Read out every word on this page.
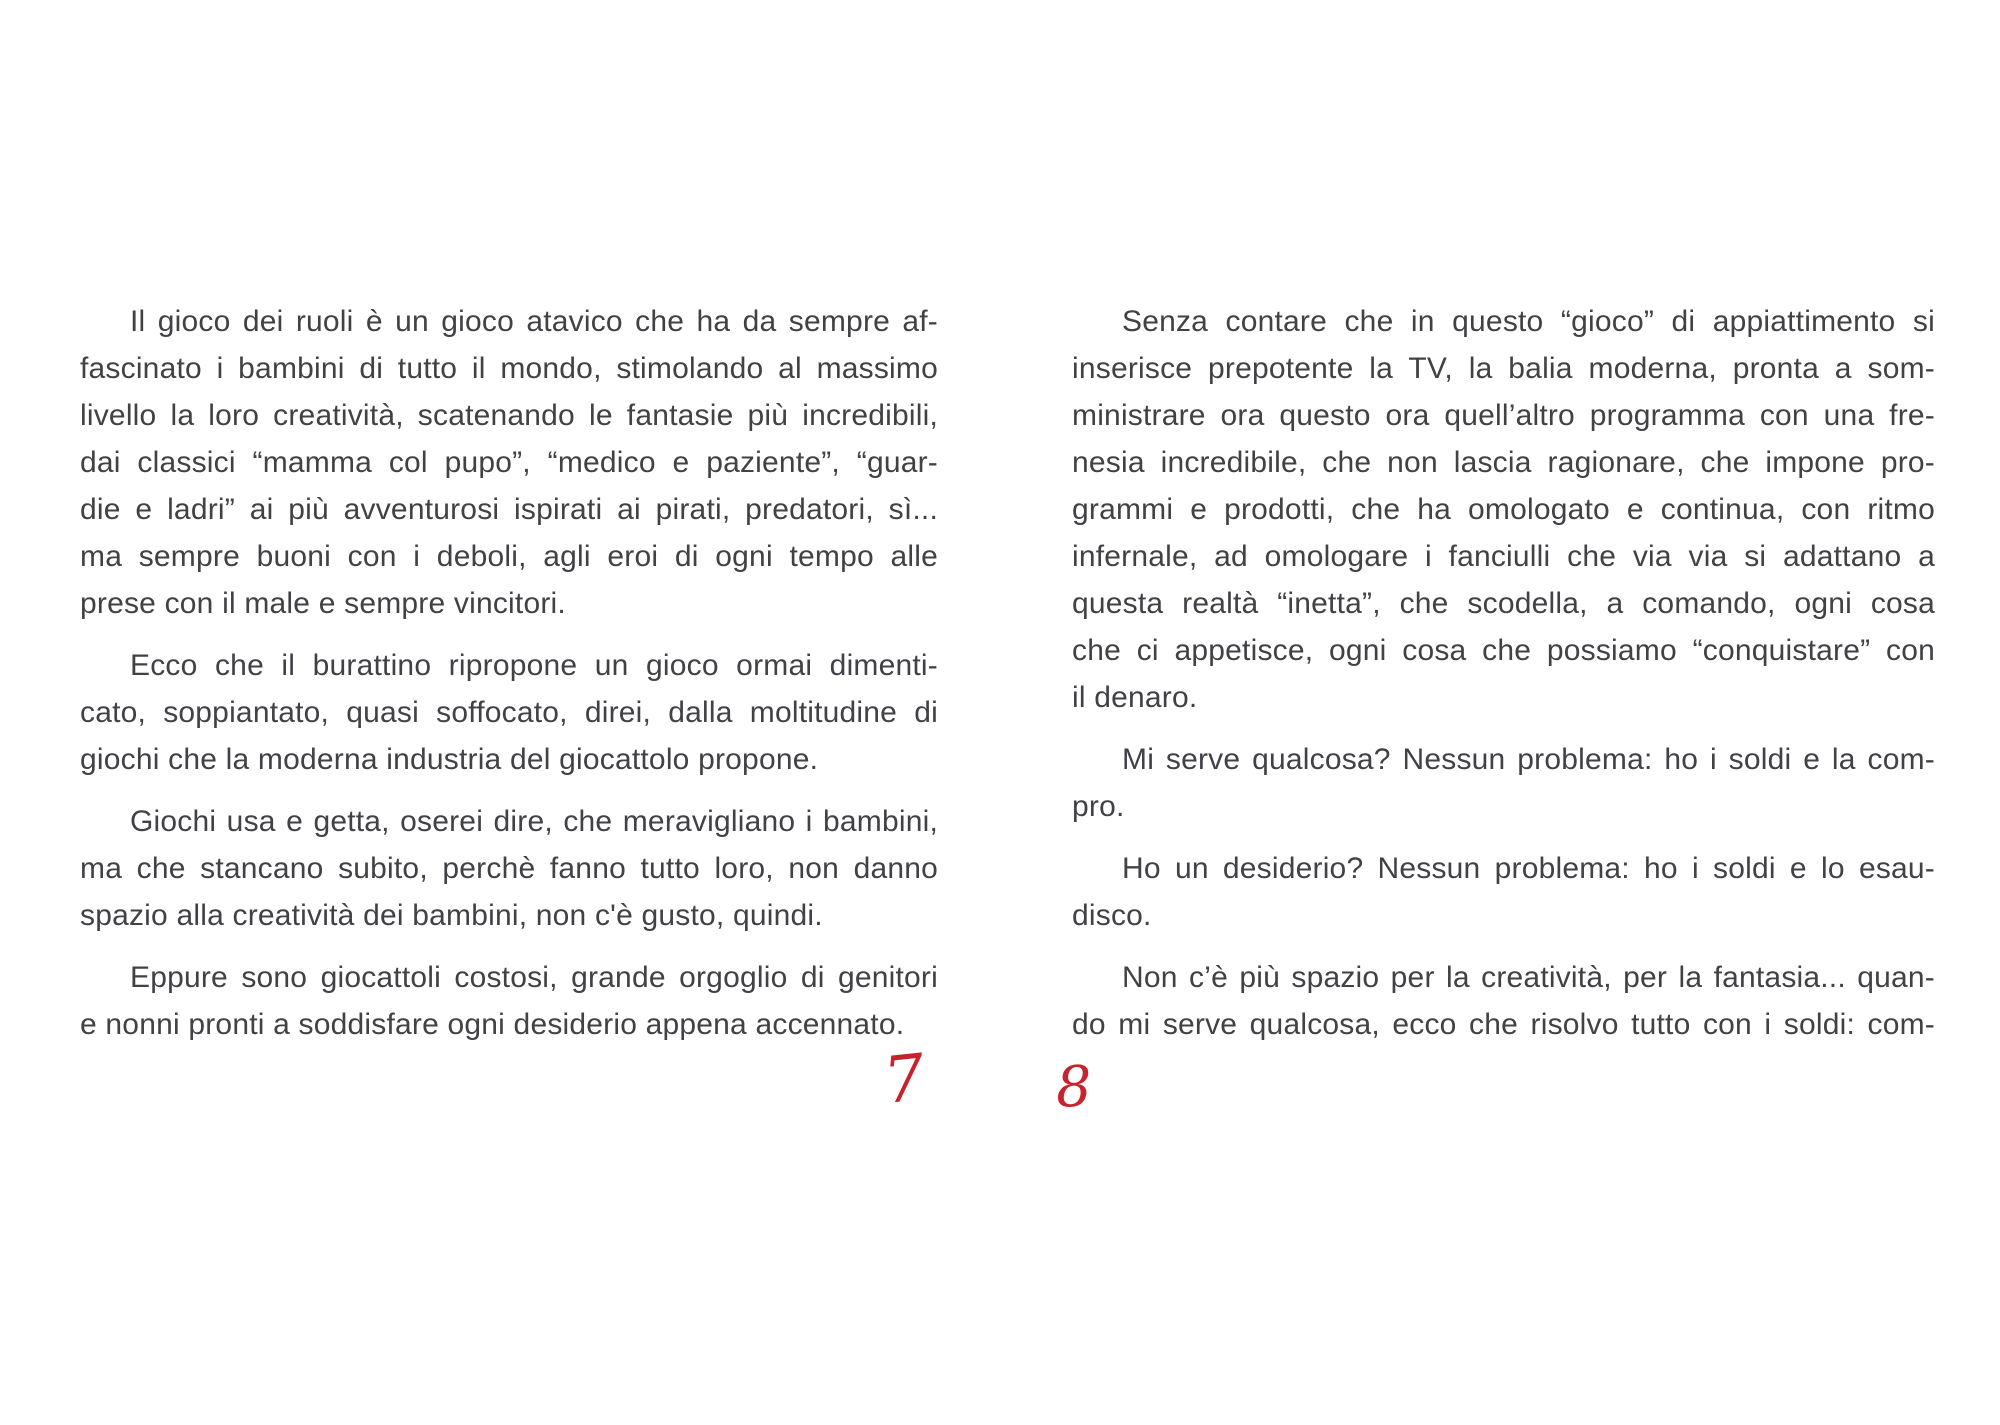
Il gioco dei ruoli è un gioco atavico che ha da sempre af-
fascinato i bambini di tutto il mondo, stimolando al massimo
livello la loro creatività, scatenando le fantasie più incredibili,
dai classici “mamma col pupo”, “medico e paziente”, “guar-
die e ladri” ai più avventurosi ispirati ai pirati, predatori, sì...
ma sempre buoni con i deboli, agli eroi di ogni tempo alle
prese con il male e sempre vincitori.
Ecco che il burattino ripropone un gioco ormai dimenti-
cato, soppiantato, quasi soffocato, direi, dalla moltitudine di
giochi che la moderna industria del giocattolo propone.
Giochi usa e getta, oserei dire, che meravigliano i bambini,
ma che stancano subito, perchè fanno tutto loro, non danno
spazio alla creatività dei bambini, non c'è gusto, quindi.
Eppure sono giocattoli costosi, grande orgoglio di genitori
e nonni pronti a soddisfare ogni desiderio appena accennato.
Senza contare che in questo “gioco” di appiattimento si
inserisce prepotente la TV, la balia moderna, pronta a som-
ministrare ora questo ora quell’altro programma con una fre-
nesia incredibile, che non lascia ragionare, che impone pro-
grammi e prodotti, che ha omologato e continua, con ritmo
infernale, ad omologare i fanciulli che via via si adattano a
questa realtà “inetta”, che scodella, a comando, ogni cosa
che ci appetisce, ogni cosa che possiamo “conquistare” con
il denaro.
Mi serve qualcosa? Nessun problema: ho i soldi e la com-
pro.
Ho un desiderio? Nessun problema: ho i soldi e lo esau-
disco.
Non c’è più spazio per la creatività, per la fantasia... quan-
do mi serve qualcosa, ecco che risolvo tutto con i soldi: com-
7 8
